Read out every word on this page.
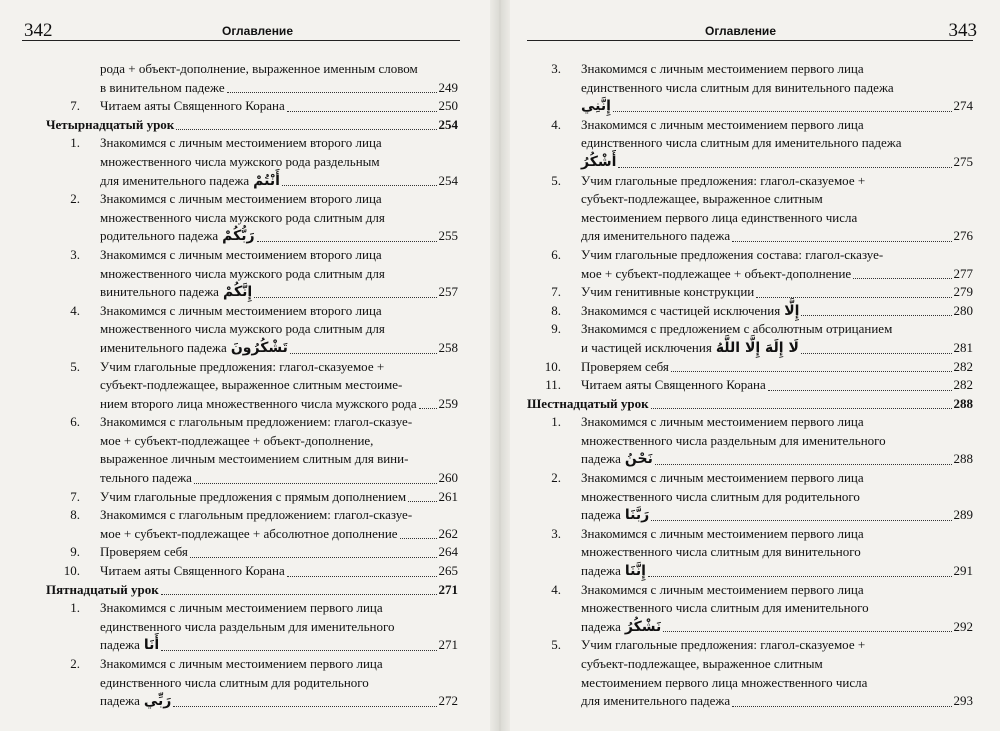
342	Оглавление
рода + объект-дополнение, выраженное именным словом
в винительном падеже	249
7. Читаем аяты Священного Корана	250
Четырнадцатый урок	254
1. Знакомимся с личным местоимением второго лица
множественного числа мужского рода раздельным
для именительного падежа أَنْتُمْ	254
2. Знакомимся с личным местоимением второго лица
множественного числа мужского рода слитным для
родительного падежа رَبُّكُمْ	255
3. Знакомимся с личным местоимением второго лица
множественного числа мужского рода слитным для
винительного падежа إِنَّكُمْ	257
4. Знакомимся с личным местоимением второго лица
множественного числа мужского рода слитным для
именительного падежа تَشْكُرُونَ	258
5. Учим глагольные предложения: глагол-сказуемое +
субъект-подлежащее, выраженное слитным местоиме-
нием второго лица множественного числа мужского рода 259
6. Знакомимся с глагольным предложением: глагол-сказуе-
мое + субъект-подлежащее + объект-дополнение,
выраженное личным местоимением слитным для вини-
тельного падежа	260
7. Учим глагольные предложения с прямым дополнением 261
8. Знакомимся с глагольным предложением: глагол-сказуе-
мое + субъект-подлежащее + абсолютное дополнение	262
9. Проверяем себя	264
10. Читаем аяты Священного Корана	265
Пятнадцатый урок	271
1. Знакомимся с личным местоимением первого лица
единственного числа раздельным для именительного
падежа أَنَا	271
2. Знакомимся с личным местоимением первого лица
единственного числа слитным для родительного
падежа رَبِّي	272
Оглавление	343
3. Знакомимся с личным местоимением первого лица
единственного числа слитным для винительного падежа
إِنَّنِي	274
4. Знакомимся с личным местоимением первого лица
единственного числа слитным для именительного падежа
أَشْكُرُ	275
5. Учим глагольные предложения: глагол-сказуемое +
субъект-подлежащее, выраженное слитным
местоимением первого лица единственного числа
для именительного падежа	276
6. Учим глагольные предложения состава: глагол-сказуе-
мое + субъект-подлежащее + объект-дополнение	277
7. Учим генитивные конструкции	279
8. Знакомимся с частицей исключения إِلَّا	280
9. Знакомимся с предложением с абсолютным отрицанием
и частицей исключения لَا إِلَهَ إِلَّا اللَّهُ	281
10. Проверяем себя	282
11. Читаем аяты Священного Корана	282
Шестнадцатый урок	288
1. Знакомимся с личным местоимением первого лица
множественного числа раздельным для именительного
падежа نَحْنُ	288
2. Знакомимся с личным местоимением первого лица
множественного числа слитным для родительного
падежа رَبَّنَا	289
3. Знакомимся с личным местоимением первого лица
множественного числа слитным для винительного
падежа إِنَّنَا	291
4. Знакомимся с личным местоимением первого лица
множественного числа слитным для именительного
падежа نَشْكُرُ	292
5. Учим глагольные предложения: глагол-сказуемое +
субъект-подлежащее, выраженное слитным
местоимением первого лица множественного числа
для именительного падежа	293
